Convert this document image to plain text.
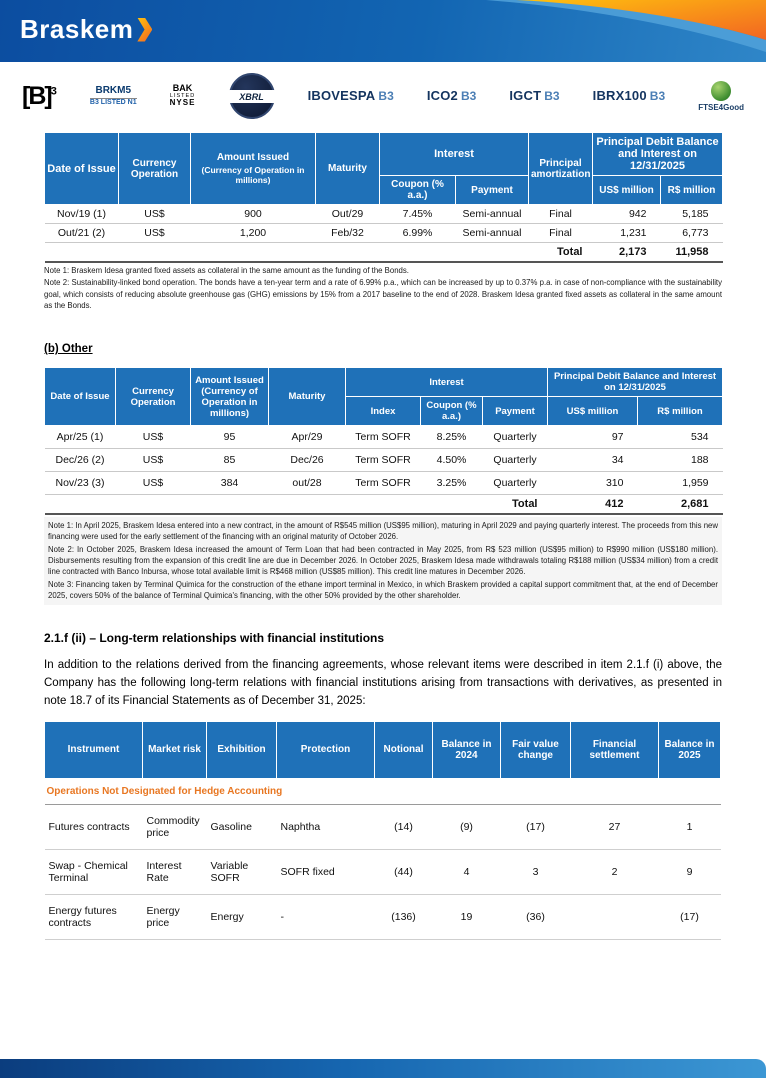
Braskem
$[B]^3$	BRKM5
B3 LISTED N1
BAK
LISTED
NYSE
XBRL	IBOVESPA B3	ICO2 B3	IGCT B3	IBRX100 B3
FTSE4Good
Date of Issue	Currency Operation	Amount Issued
(Currency of Operation in millions)	Maturity	Interest		Principal amortization	Principal Debit Balance and Interest on 12/31/2025	
				Coupon (% a.a.)	Payment		US$ million	R$ million
Nov/19 (1)	US$	900	Out/29	7.45%	Semi-annual	Final	942	5,185
Out/21 (2)	US$	1,200	Feb/32	6.99%	Semi-annual	Final	1,231	6,773
Total							2,173	11,958

Note 1: Braskem Idesa granted fixed assets as collateral in the same amount as the funding of the Bonds.

Note 2: Sustainability-linked bond operation. The bonds have a ten-year term and a rate of 6.99% p.a., which can be increased by up to 0.37% p.a. in case of non-compliance with the sustainability goal, which consists of reducing absolute greenhouse gas (GHG) emissions by 15% from a 2017 baseline to the end of 2028. Braskem Idesa granted fixed assets as collateral in the same amount as the Bonds.

(b) Other
Date of Issue	Currency Operation	Amount Issued (Currency of Operation in millions)	Maturity	Interest			Principal Debit Balance and Interest on 12/31/2025	
				Index	Coupon (% a.a.)	Payment	US$ million	R$ million
Apr/25 (1)	US$	95	Apr/29	Term SOFR	8.25%	Quarterly	97	534
Dec/26 (2)	US$	85	Dec/26	Term SOFR	4.50%	Quarterly	34	188
Nov/23 (3)	US$	384	out/28	Term SOFR	3.25%	Quarterly	310	1,959
Total							412	2,681

Note 1: In April 2025, Braskem Idesa entered into a new contract, in the amount of R$545 million (US$95 million), maturing in April 2029 and paying quarterly interest. The proceeds from this new financing were used for the early settlement of the financing with an original maturity of October 2026.

Note 2: In October 2025, Braskem Idesa increased the amount of Term Loan that had been contracted in May 2025, from R$ 523 million (US$95 million) to R$990 million (US$180 million). Disbursements resulting from the expansion of this credit line are due in December 2026. In October 2025, Braskem Idesa made withdrawals totaling R$188 million (US$34 million) from a credit line contracted with Banco Inbursa, whose total available limit is R$468 million (US$85 million). This credit line matures in December 2026.

Note 3: Financing taken by Terminal Quimica for the construction of the ethane import terminal in Mexico, in which Braskem provided a capital support commitment that, at the end of December 2025, covers 50% of the balance of Terminal Quimica's financing, with the other 50% provided by the other shareholder.

2.1.f (ii) – Long-term relationships with financial institutions

In addition to the relations derived from the financing agreements, whose relevant items were described in item 2.1.f (i) above, the Company has the following long-term relations with financial institutions arising from transactions with derivatives, as presented in note 18.7 of its Financial Statements as of December 31, 2025:

Instrument	Market risk	Exhibition	Protection	Notional	Balance in 2024	Fair value change	Financial settlement	Balance in 2025
Operations Not Designated for Hedge Accounting								
Futures contracts	Commodity price	Gasoline	Naphtha	(14)	(9)	(17)	27	1
Swap - Chemical Terminal	Interest Rate	Variable SOFR	SOFR fixed	(44)	4	3	2	9
Energy futures contracts	Energy price	Energy	-	(136)	19	(36)		(17)
